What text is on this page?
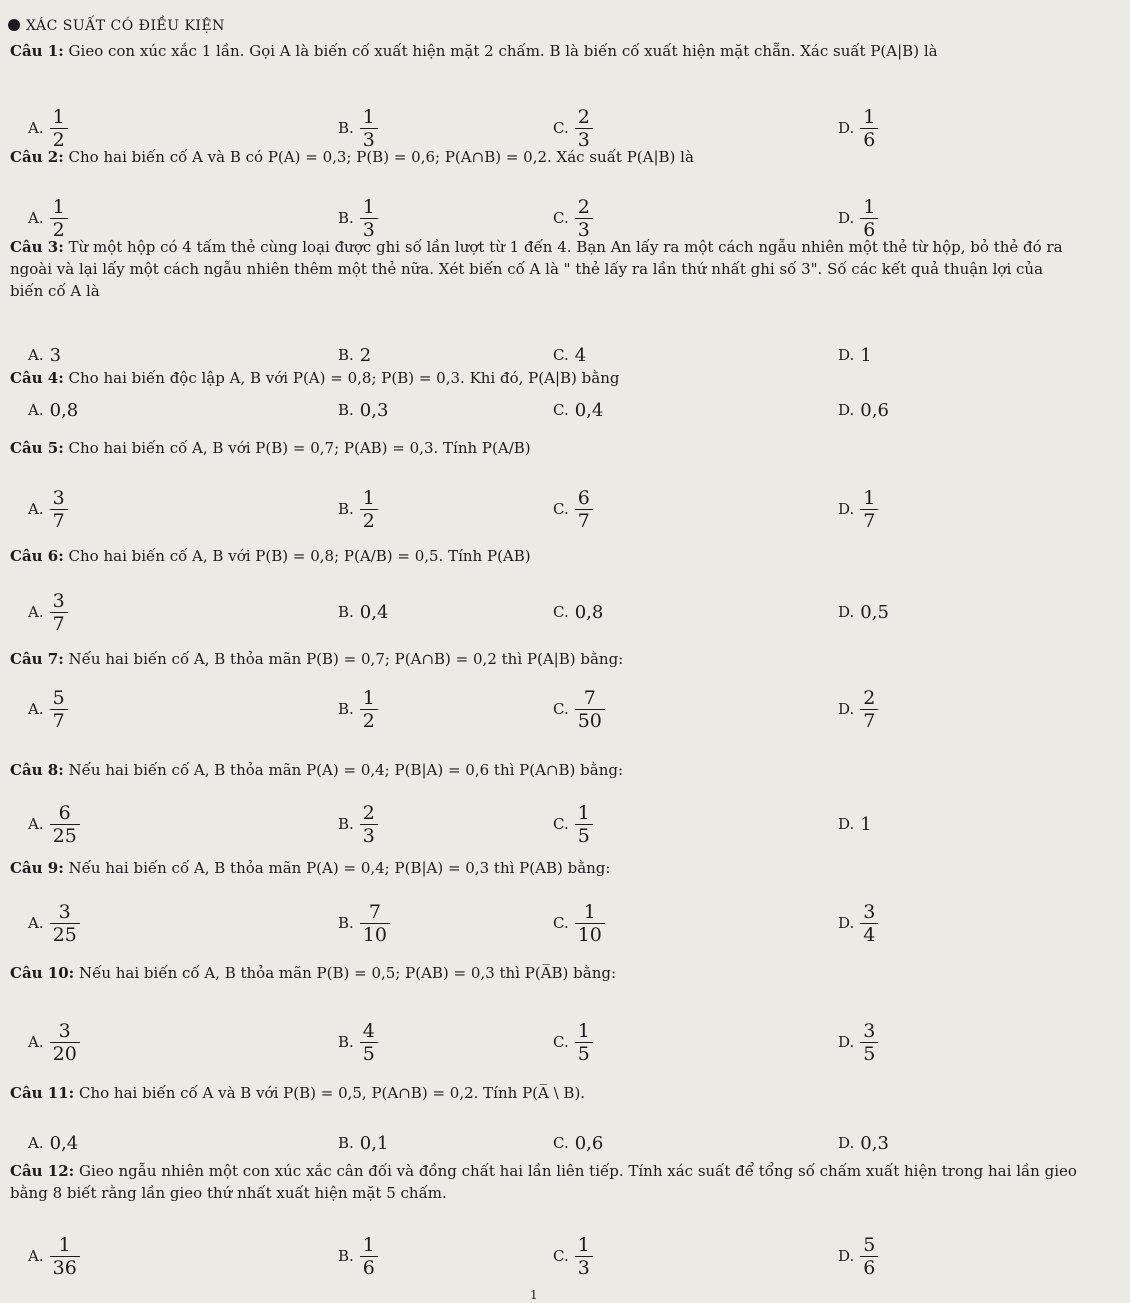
XÁC SUẤT CÓ ĐIỀU KIỆN
Câu 1: Gieo con xúc xắc 1 lần. Gọi A là biến cố xuất hiện mặt 2 chấm. B là biến cố xuất hiện mặt chẵn. Xác suất P(A|B) là
A. $\frac{1}{2}$	B. $\frac{1}{3}$	C. $\frac{2}{3}$	D. $\frac{1}{6}$
Câu 2: Cho hai biến cố A và B có P(A) = 0,3; P(B) = 0,6; P(A∩B) = 0,2. Xác suất P(A|B) là
A. $\frac{1}{2}$	B. $\frac{1}{3}$	C. $\frac{2}{3}$	D. $\frac{1}{6}$
Câu 3: Từ một hộp có 4 tấm thẻ cùng loại được ghi số lần lượt từ 1 đến 4. Bạn An lấy ra một cách ngẫu nhiên một thẻ từ hộp, bỏ thẻ đó ra ngoài và lại lấy một cách ngẫu nhiên thêm một thẻ nữa. Xét biến cố A là " thẻ lấy ra lần thứ nhất ghi số 3". Số các kết quả thuận lợi của biến cố A là
A. 3	B. 2	C. 4	D. 1
Câu 4: Cho hai biến độc lập A, B với P(A) = 0,8; P(B) = 0,3. Khi đó, P(A|B) bằng
A. 0,8	B. 0,3	C. 0,4	D. 0,6
Câu 5: Cho hai biến cố A, B với P(B) = 0,7; P(AB) = 0,3. Tính P(A/B)
A. $\frac{3}{7}$	B. $\frac{1}{2}$	C. $\frac{6}{7}$	D. $\frac{1}{7}$
Câu 6: Cho hai biến cố A, B với P(B) = 0,8; P(A/B) = 0,5. Tính P(AB)
A. $\frac{3}{7}$	B. 0,4	C. 0,8	D. 0,5
Câu 7: Nếu hai biến cố A, B thỏa mãn P(B) = 0,7; P(A∩B) = 0,2 thì P(A|B) bằng:
A. $\frac{5}{7}$	B. $\frac{1}{2}$	C. $\frac{7}{50}$	D. $\frac{2}{7}$
Câu 8: Nếu hai biến cố A, B thỏa mãn P(A) = 0,4; P(B|A) = 0,6 thì P(A∩B) bằng:
A. $\frac{6}{25}$	B. $\frac{2}{3}$	C. $\frac{1}{5}$	D. 1
Câu 9: Nếu hai biến cố A, B thỏa mãn P(A) = 0,4; P(B|A) = 0,3 thì P(AB) bằng:
A. $\frac{3}{25}$	B. $\frac{7}{10}$	C. $\frac{1}{10}$	D. $\frac{3}{4}$
Câu 10: Nếu hai biến cố A, B thỏa mãn P(B) = 0,5; P(AB) = 0,3 thì P(A̅B) bằng:
A. $\frac{3}{20}$	B. $\frac{4}{5}$	C. $\frac{1}{5}$	D. $\frac{3}{5}$
Câu 11: Cho hai biến cố A và B với P(B) = 0,5, P(A∩B) = 0,2. Tính P(A̅ \ B).
A. 0,4	B. 0,1	C. 0,6	D. 0,3
Câu 12: Gieo ngẫu nhiên một con xúc xắc cân đối và đồng chất hai lần liên tiếp. Tính xác suất để tổng số chấm xuất hiện trong hai lần gieo bằng 8 biết rằng lần gieo thứ nhất xuất hiện mặt 5 chấm.
A. $\frac{1}{36}$	B. $\frac{1}{6}$	C. $\frac{1}{3}$	D. $\frac{5}{6}$
1
